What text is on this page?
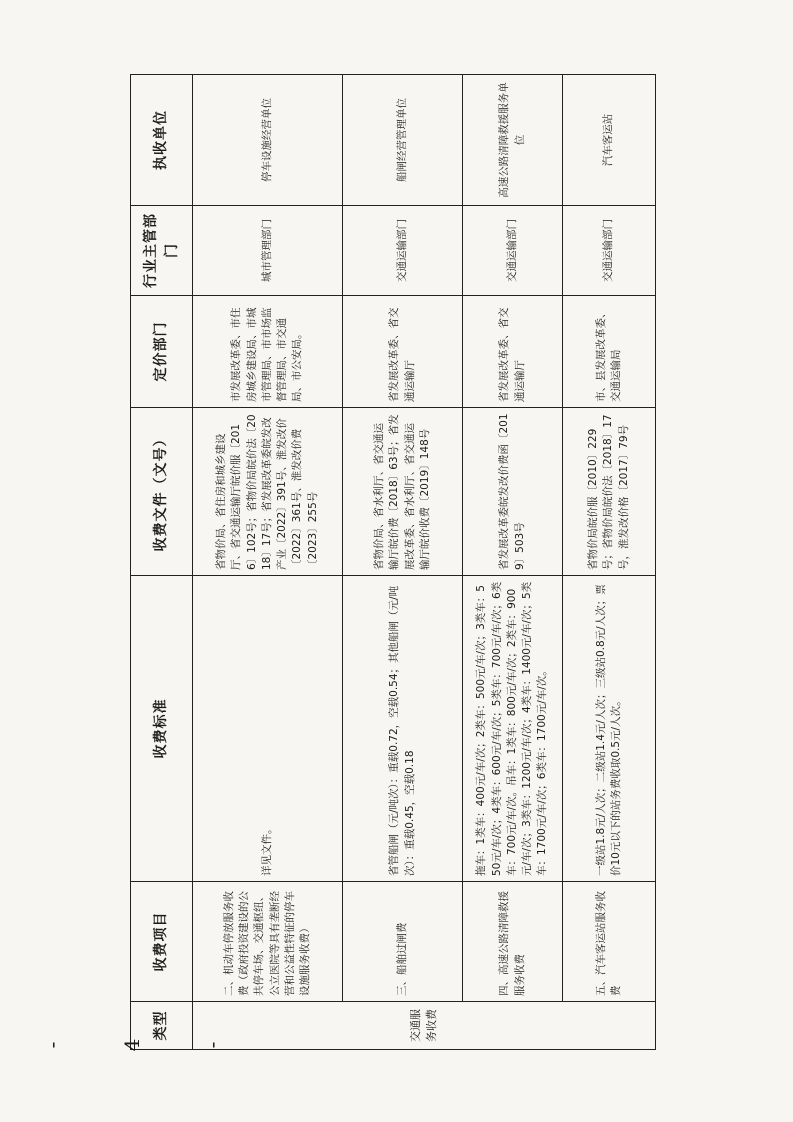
类型	收费项目	收费标准	收费文件（文号）	定价部门	行业主管部门	执收单位
交通服务收费	二、机动车停放服务收费（政府投资建设的公共停车场、交通枢纽、公立医院等具有垄断经营和公益性特征的停车设施服务收费）	详见文件。	省物价局、省住房和城乡建设厅、省交通运输厅皖价服〔2016〕102号；省物价局皖价法〔2018〕17号；省发展改革委皖发改产业〔2022〕391号、淮发改价〔2022〕361号、淮发改价费〔2023〕255号	市发展改革委、市住房城乡建设局、市城市管理局、市市场监督管理局、市交通局、市公安局。	城市管理部门	停车设施经营单位
	三、船舶过闸费	省管船闸（元/吨次）：重载0.72，空载0.54；其他船闸（元/吨次）：重载0.45，空载0.18	省物价局、省水利厅、省交通运输厅皖价费〔2018〕63号；省发展改革委、省水利厅、省交通运输厅皖价收费〔2019〕148号	省发展改革委、省交通运输厅	交通运输部门	船闸经营管理单位
	四、高速公路清障救援服务收费	拖车：1类车：400元/车/次；2类车：500元/车/次；3类车：550元/车/次；4类车：600元/车/次；5类车：700元/车/次；6类车：700元/车/次。吊车：1类车：800元/车/次；2类车：900元/车/次；3类车：1200元/车/次；4类车：1400元/车/次；5类车：1700元/车/次；6类车：1700元/车/次。	省发展改革委皖发改价费函〔2019〕503号	省发展改革委、省交通运输厅	交通运输部门	高速公路清障救援服务单位
	五、汽车客运站服务收费	一级站1.8元/人次；二级站1.4元/人次；三级站0.8元/人次；票价10元以下的站务费收取0.5元/人次。	省物价局皖价服〔2010〕229号；省物价局皖价法〔2018〕17号，淮发改价格〔2017〕79号	市、县发展改革委、交通运输局	交通运输部门	汽车客运站
- 4 -
